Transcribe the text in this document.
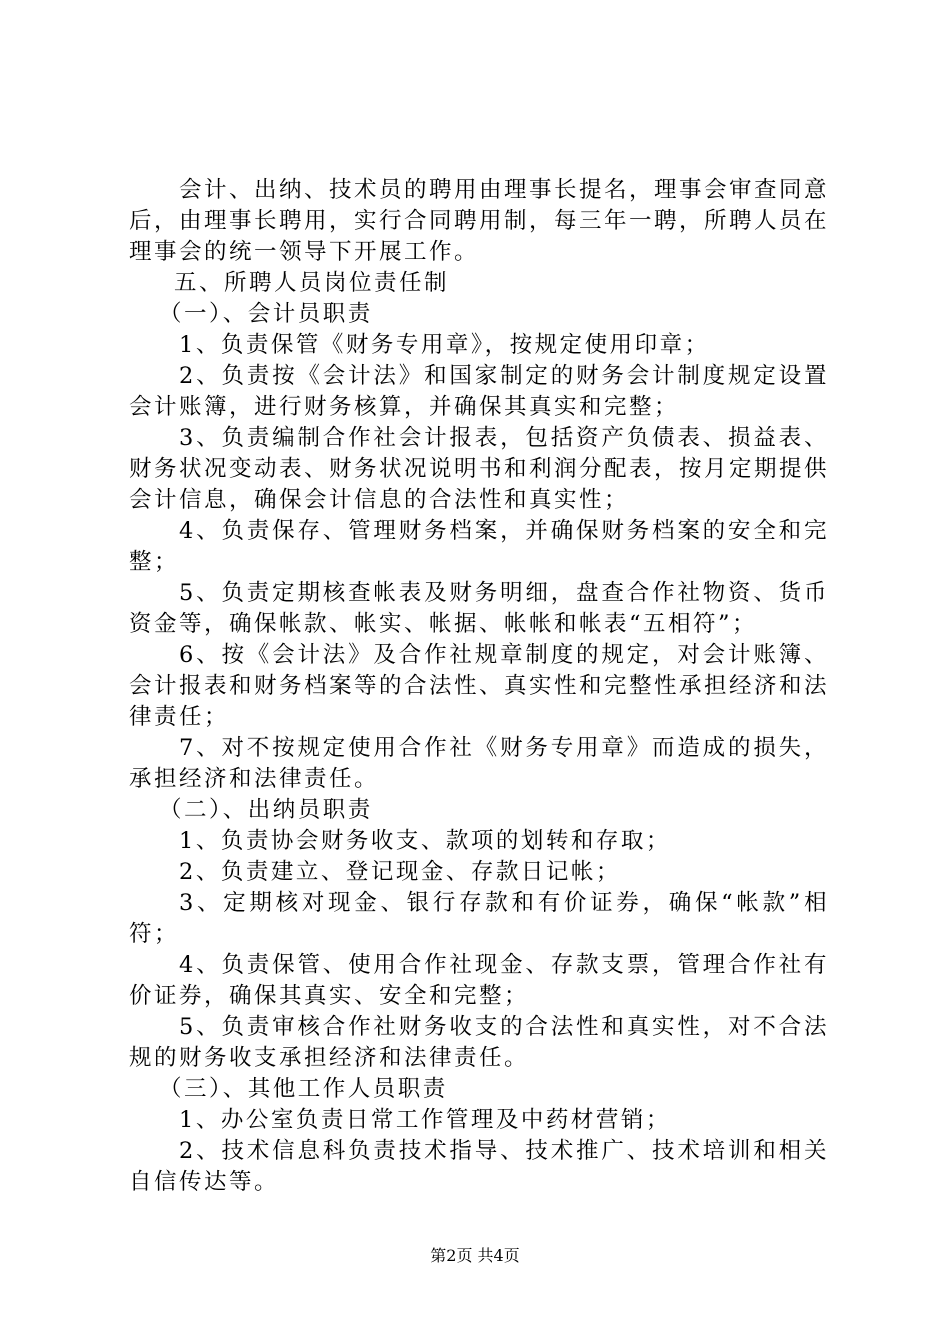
会计、出纳、技术员的聘用由理事长提名，理事会审查同意后，由理事长聘用，实行合同聘用制，每三年一聘，所聘人员在理事会的统一领导下开展工作。

五、所聘人员岗位责任制

（一）、会计员职责

1、负责保管《财务专用章》，按规定使用印章；

2、负责按《会计法》和国家制定的财务会计制度规定设置会计账簿，进行财务核算，并确保其真实和完整；

3、负责编制合作社会计报表，包括资产负债表、损益表、财务状况变动表、财务状况说明书和利润分配表，按月定期提供会计信息，确保会计信息的合法性和真实性；

4、负责保存、管理财务档案，并确保财务档案的安全和完整；

5、负责定期核查帐表及财务明细，盘查合作社物资、货币资金等，确保帐款、帐实、帐据、帐帐和帐表“五相符”；

6、按《会计法》及合作社规章制度的规定，对会计账簿、会计报表和财务档案等的合法性、真实性和完整性承担经济和法律责任；

7、对不按规定使用合作社《财务专用章》而造成的损失，承担经济和法律责任。

（二）、出纳员职责

1、负责协会财务收支、款项的划转和存取；

2、负责建立、登记现金、存款日记帐；

3、定期核对现金、银行存款和有价证券，确保“帐款”相符；

4、负责保管、使用合作社现金、存款支票，管理合作社有价证券，确保其真实、安全和完整；

5、负责审核合作社财务收支的合法性和真实性，对不合法规的财务收支承担经济和法律责任。

（三）、其他工作人员职责

1、办公室负责日常工作管理及中药材营销；

2、技术信息科负责技术指导、技术推广、技术培训和相关自信传达等。

第2页 共4页
